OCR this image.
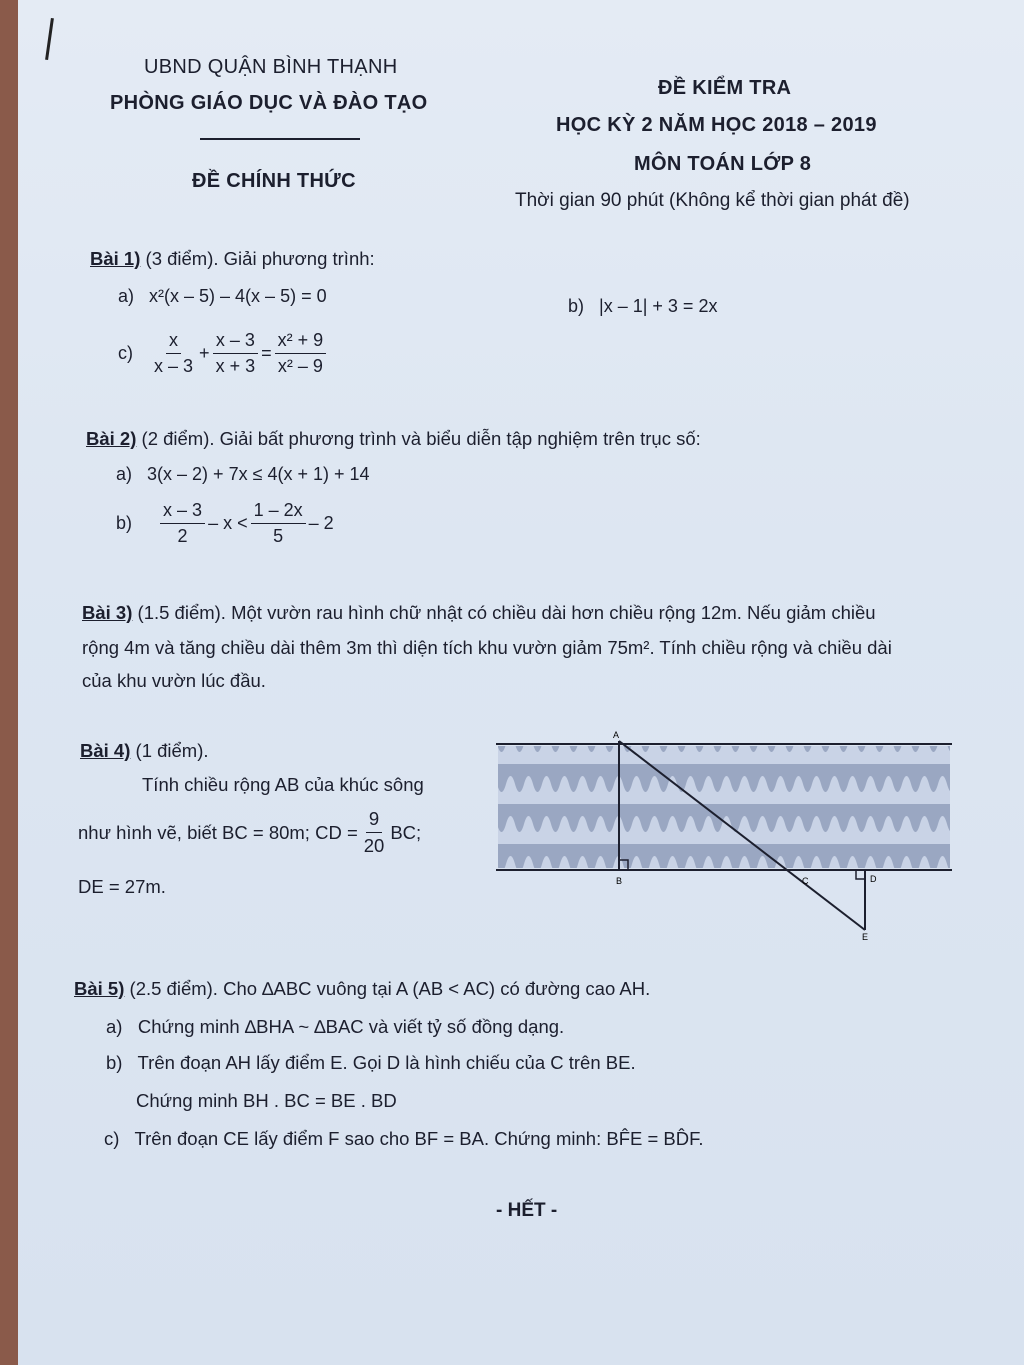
UBND QUẬN BÌNH THẠNH
PHÒNG GIÁO DỤC VÀ ĐÀO TẠO
ĐỀ CHÍNH THỨC
ĐỀ KIỂM TRA
HỌC KỲ 2 NĂM HỌC 2018 – 2019
MÔN TOÁN LỚP 8
Thời gian 90 phút (Không kể thời gian phát đề)
Bài 1) (3 điểm). Giải phương trình:
a) x²(x – 5) – 4(x – 5) = 0	b) |x – 1| + 3 = 2x
c)
$\frac{x}{x - 3} + \frac{x - 3}{x + 3} = \frac{\text{x² + 9}}{\text{x² – 9}}$
Bài 2) (2 điểm). Giải bất phương trình và biểu diễn tập nghiệm trên trục số:
a) 3(x – 2) + 7x ≤ 4(x + 1) + 14
b)
$\frac{x - 3}{2} - x < \frac{1 - 2x}{5} - 2$
Bài 3) (1.5 điểm). Một vườn rau hình chữ nhật có chiều dài hơn chiều rộng 12m. Nếu giảm chiều
rộng 4m và tăng chiều dài thêm 3m thì diện tích khu vườn giảm 75m². Tính chiều rộng và chiều dài
của khu vườn lúc đầu.
Bài 4) (1 điểm).
Tính chiều rộng AB của khúc sông
như hình vẽ, biết BC = 80m; CD = $\frac{9}{20}$ BC;
DE = 27m.
A
B	C	D
E
Bài 5) (2.5 điểm). Cho ∆ABC vuông tại A (AB < AC) có đường cao AH.
a) Chứng minh ∆BHA ~ ∆BAC và viết tỷ số đồng dạng.
b) Trên đoạn AH lấy điểm E. Gọi D là hình chiếu của C trên BE.
Chứng minh BH . BC = BE . BD
c) Trên đoạn CE lấy điểm F sao cho BF = BA. Chứng minh: BF̂E = BD̂F.
- HẾT -
